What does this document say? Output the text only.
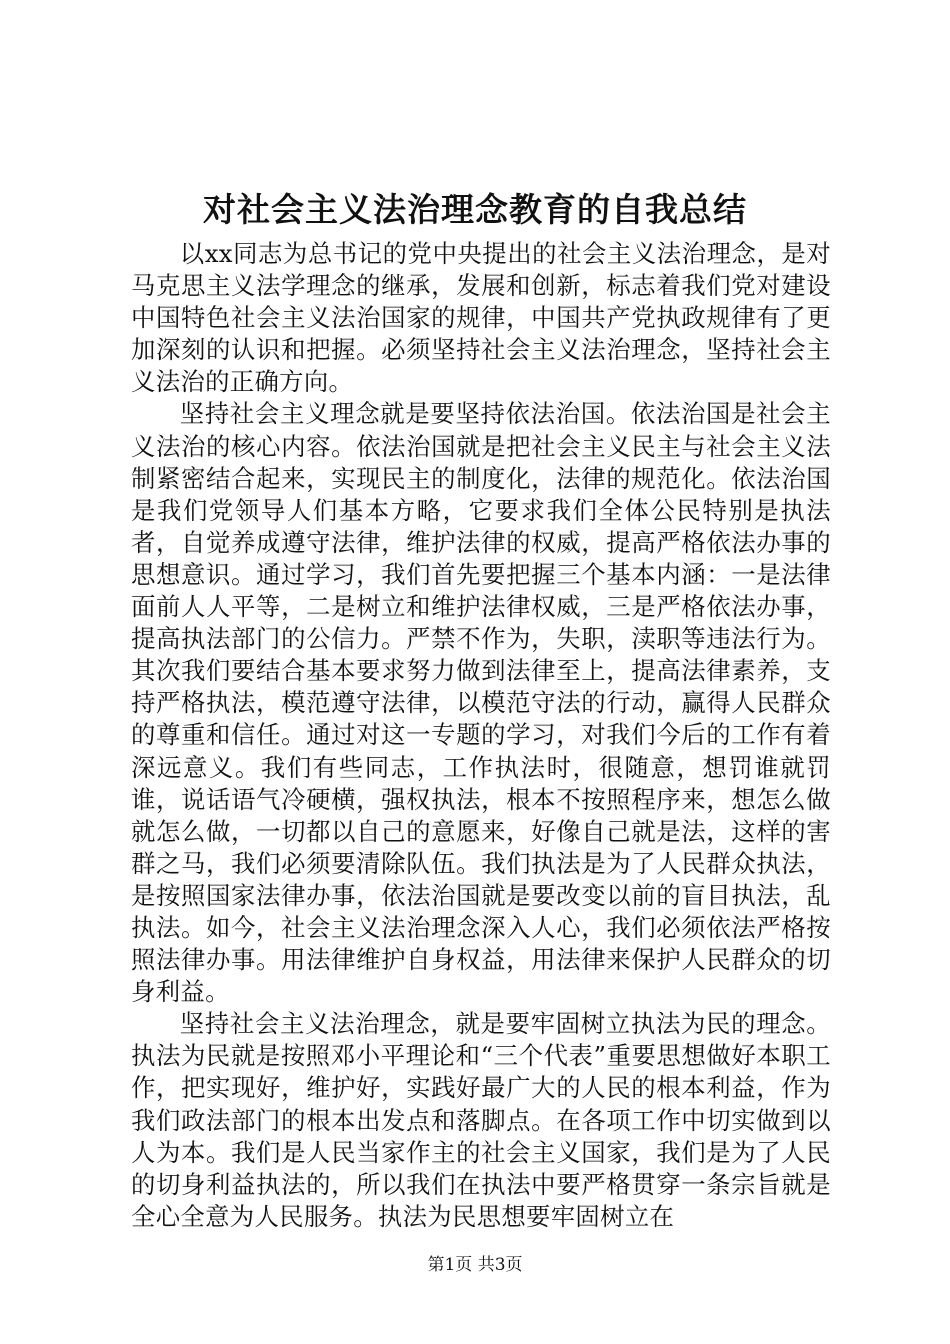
对社会主义法治理念教育的自我总结

以xx同志为总书记的党中央提出的社会主义法治理念，是对马克思主义法学理念的继承，发展和创新，标志着我们党对建设中国特色社会主义法治国家的规律，中国共产党执政规律有了更加深刻的认识和把握。必须坚持社会主义法治理念，坚持社会主义法治的正确方向。

坚持社会主义理念就是要坚持依法治国。依法治国是社会主义法治的核心内容。依法治国就是把社会主义民主与社会主义法制紧密结合起来，实现民主的制度化，法律的规范化。依法治国是我们党领导人们基本方略，它要求我们全体公民特别是执法者，自觉养成遵守法律，维护法律的权威，提高严格依法办事的思想意识。通过学习，我们首先要把握三个基本内涵：一是法律面前人人平等，二是树立和维护法律权威，三是严格依法办事，提高执法部门的公信力。严禁不作为，失职，渎职等违法行为。其次我们要结合基本要求努力做到法律至上，提高法律素养，支持严格执法，模范遵守法律，以模范守法的行动，赢得人民群众的尊重和信任。通过对这一专题的学习，对我们今后的工作有着深远意义。我们有些同志，工作执法时，很随意，想罚谁就罚谁，说话语气冷硬横，强权执法，根本不按照程序来，想怎么做就怎么做，一切都以自己的意愿来，好像自己就是法，这样的害群之马，我们必须要清除队伍。我们执法是为了人民群众执法，是按照国家法律办事，依法治国就是要改变以前的盲目执法，乱执法。如今，社会主义法治理念深入人心，我们必须依法严格按照法律办事。用法律维护自身权益，用法律来保护人民群众的切身利益。

坚持社会主义法治理念，就是要牢固树立执法为民的理念。执法为民就是按照邓小平理论和“三个代表”重要思想做好本职工作，把实现好，维护好，实践好最广大的人民的根本利益，作为我们政法部门的根本出发点和落脚点。在各项工作中切实做到以人为本。我们是人民当家作主的社会主义国家，我们是为了人民的切身利益执法的，所以我们在执法中要严格贯穿一条宗旨就是全心全意为人民服务。执法为民思想要牢固树立在

第1页 共3页
